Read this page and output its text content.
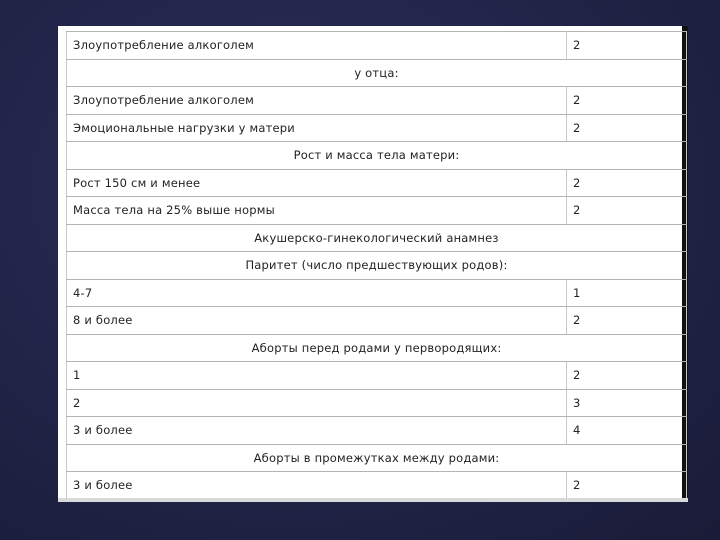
Злоупотребление алкоголем	2
у отца:	
Злоупотребление алкоголем	2
Эмоциональные нагрузки у матери	2
Рост и масса тела матери:	
Рост 150 см и менее	2
Масса тела на 25% выше нормы	2
Акушерско-гинекологический анамнез	
Паритет (число предшествующих родов):	
4-7	1
8 и более	2
Аборты перед родами у первородящих:	
1	2
2	3
3 и более	4
Аборты в промежутках между родами:	
3 и более	2
